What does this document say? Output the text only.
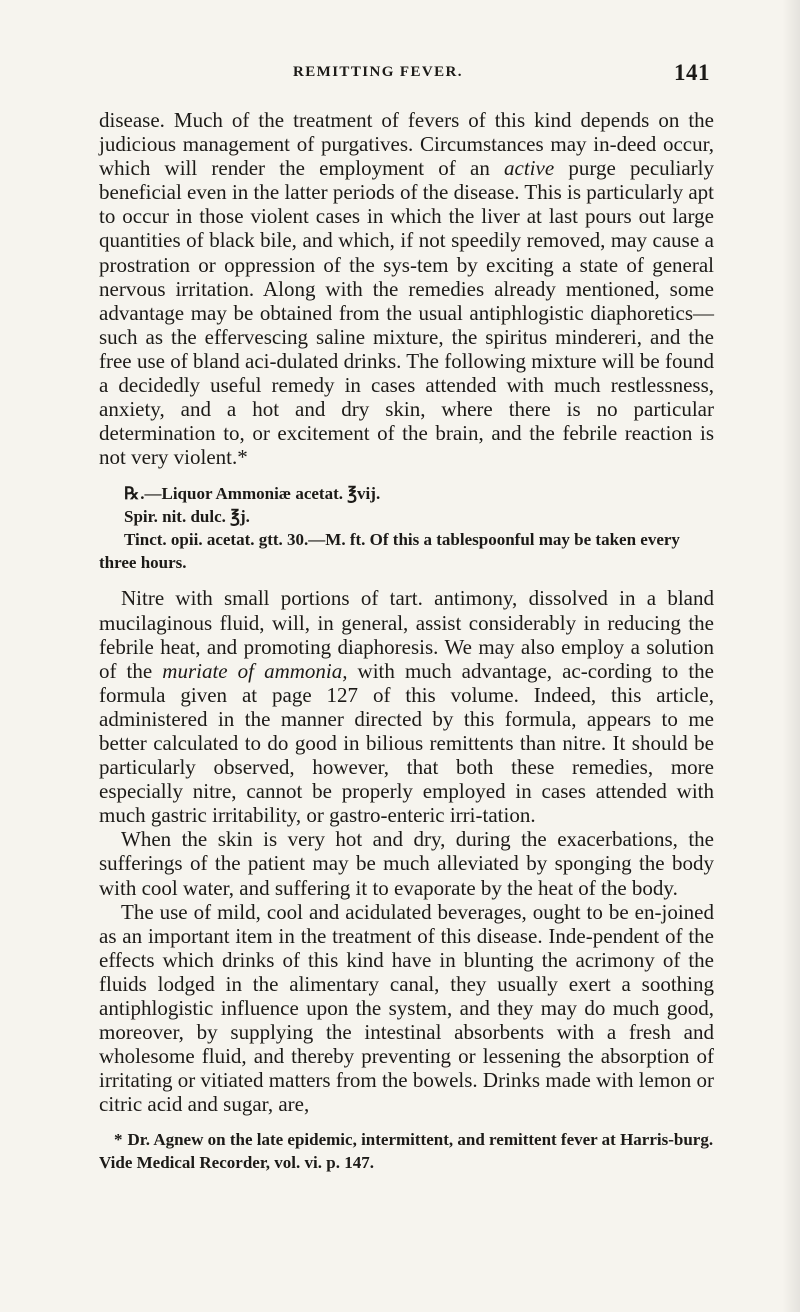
REMITTING FEVER.	141

disease. Much of the treatment of fevers of this kind depends on the judicious management of purgatives. Circumstances may in-deed occur, which will render the employment of an active purge peculiarly beneficial even in the latter periods of the disease. This is particularly apt to occur in those violent cases in which the liver at last pours out large quantities of black bile, and which, if not speedily removed, may cause a prostration or oppression of the sys-tem by exciting a state of general nervous irritation. Along with the remedies already mentioned, some advantage may be obtained from the usual antiphlogistic diaphoretics—such as the effervescing saline mixture, the spiritus mindereri, and the free use of bland aci-dulated drinks. The following mixture will be found a decidedly useful remedy in cases attended with much restlessness, anxiety, and a hot and dry skin, where there is no particular determination to, or excitement of the brain, and the febrile reaction is not very violent.*

℞.—Liquor Ammoniæ acetat. ℥vij.
Spir. nit. dulc. ℥j.
Tinct. opii. acetat. gtt. 30.—M. ft. Of this a tablespoonful may be taken every three hours.

Nitre with small portions of tart. antimony, dissolved in a bland mucilaginous fluid, will, in general, assist considerably in reducing the febrile heat, and promoting diaphoresis. We may also employ a solution of the muriate of ammonia, with much advantage, ac-cording to the formula given at page 127 of this volume. Indeed, this article, administered in the manner directed by this formula, appears to me better calculated to do good in bilious remittents than nitre. It should be particularly observed, however, that both these remedies, more especially nitre, cannot be properly employed in cases attended with much gastric irritability, or gastro-enteric irri-tation.

When the skin is very hot and dry, during the exacerbations, the sufferings of the patient may be much alleviated by sponging the body with cool water, and suffering it to evaporate by the heat of the body.

The use of mild, cool and acidulated beverages, ought to be en-joined as an important item in the treatment of this disease. Inde-pendent of the effects which drinks of this kind have in blunting the acrimony of the fluids lodged in the alimentary canal, they usually exert a soothing antiphlogistic influence upon the system, and they may do much good, moreover, by supplying the intestinal absorbents with a fresh and wholesome fluid, and thereby preventing or lessening the absorption of irritating or vitiated matters from the bowels. Drinks made with lemon or citric acid and sugar, are,

* Dr. Agnew on the late epidemic, intermittent, and remittent fever at Harris-burg. Vide Medical Recorder, vol. vi. p. 147.
